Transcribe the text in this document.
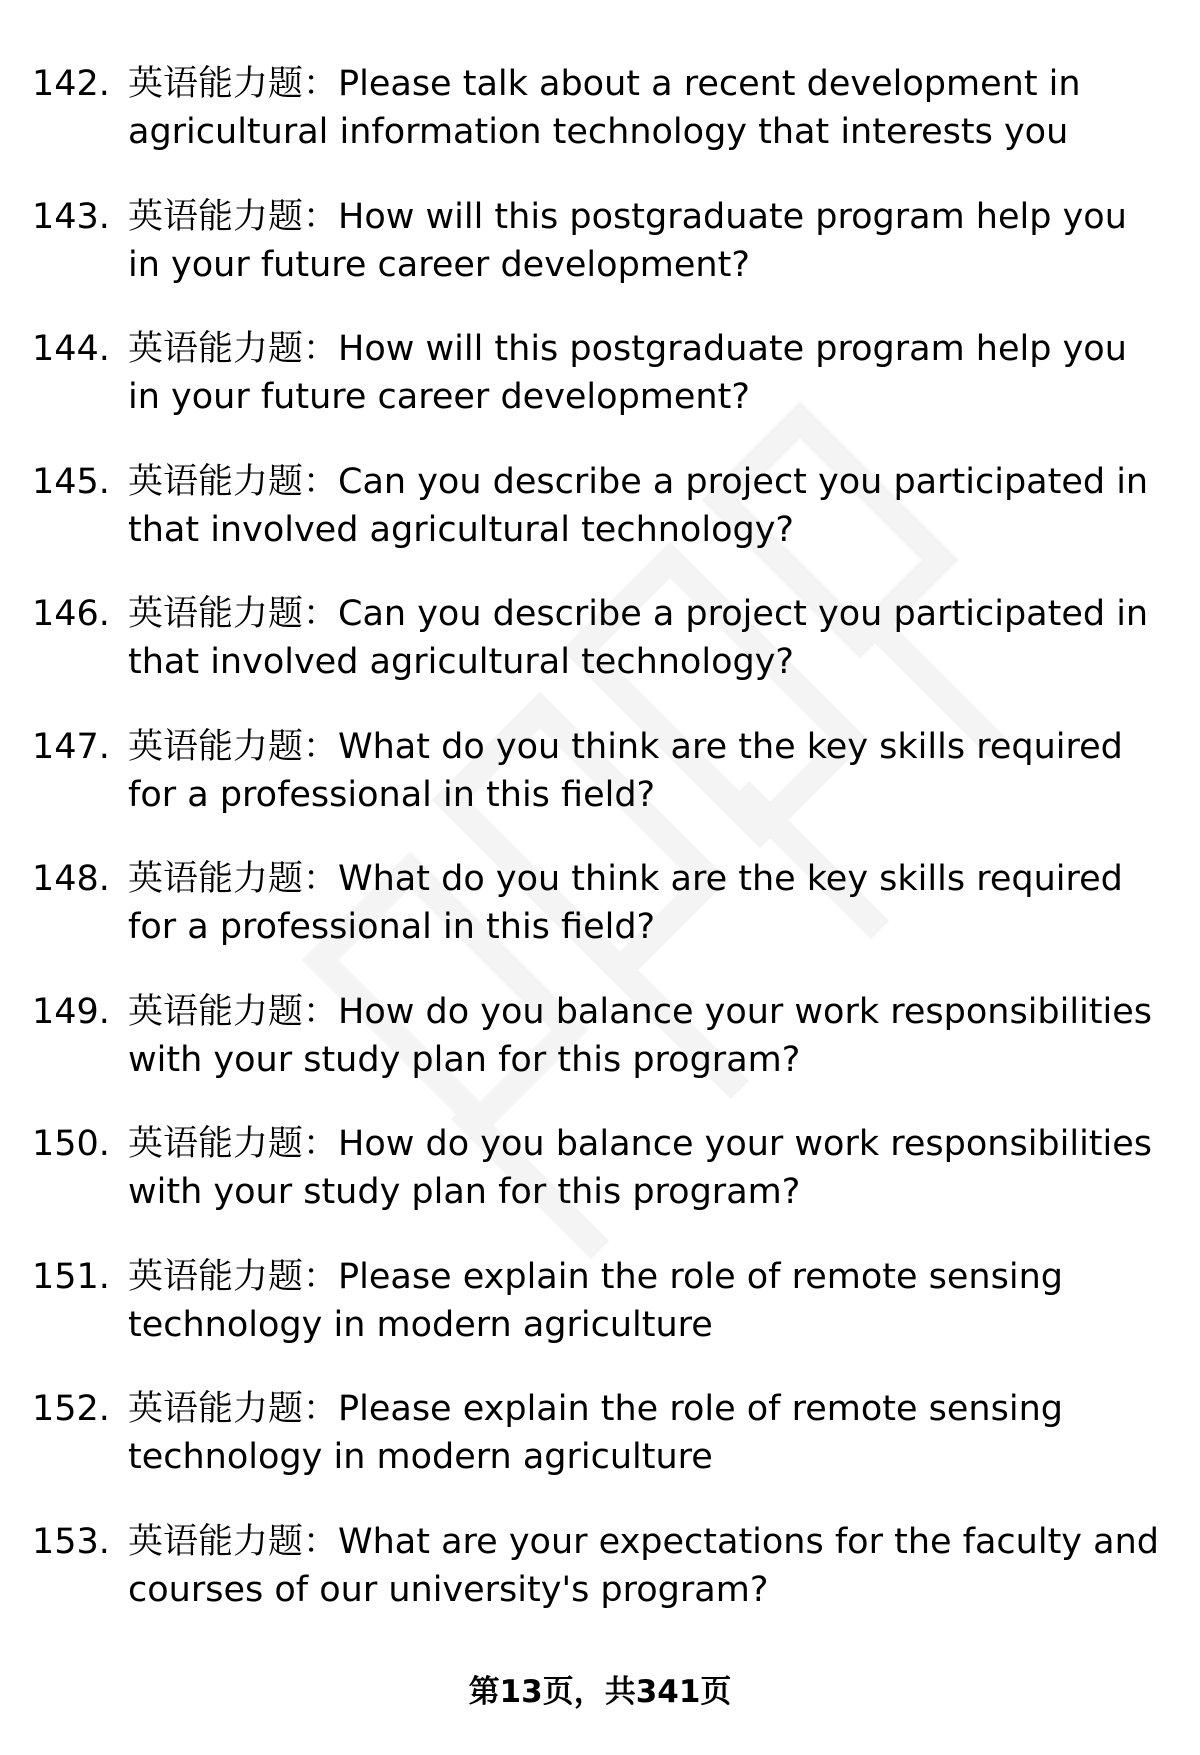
142. 英语能力题：Please talk about a recent development in
agricultural information technology that interests you
143. 英语能力题：How will this postgraduate program help you
in your future career development?
144. 英语能力题：How will this postgraduate program help you
in your future career development?
145. 英语能力题：Can you describe a project you participated in
that involved agricultural technology?
146. 英语能力题：Can you describe a project you participated in
that involved agricultural technology?
147. 英语能力题：What do you think are the key skills required
for a professional in this field?
148. 英语能力题：What do you think are the key skills required
for a professional in this field?
149. 英语能力题：How do you balance your work responsibilities
with your study plan for this program?
150. 英语能力题：How do you balance your work responsibilities
with your study plan for this program?
151. 英语能力题：Please explain the role of remote sensing
technology in modern agriculture
152. 英语能力题：Please explain the role of remote sensing
technology in modern agriculture
153. 英语能力题：What are your expectations for the faculty and
courses of our university's program?
第13页，共341页
